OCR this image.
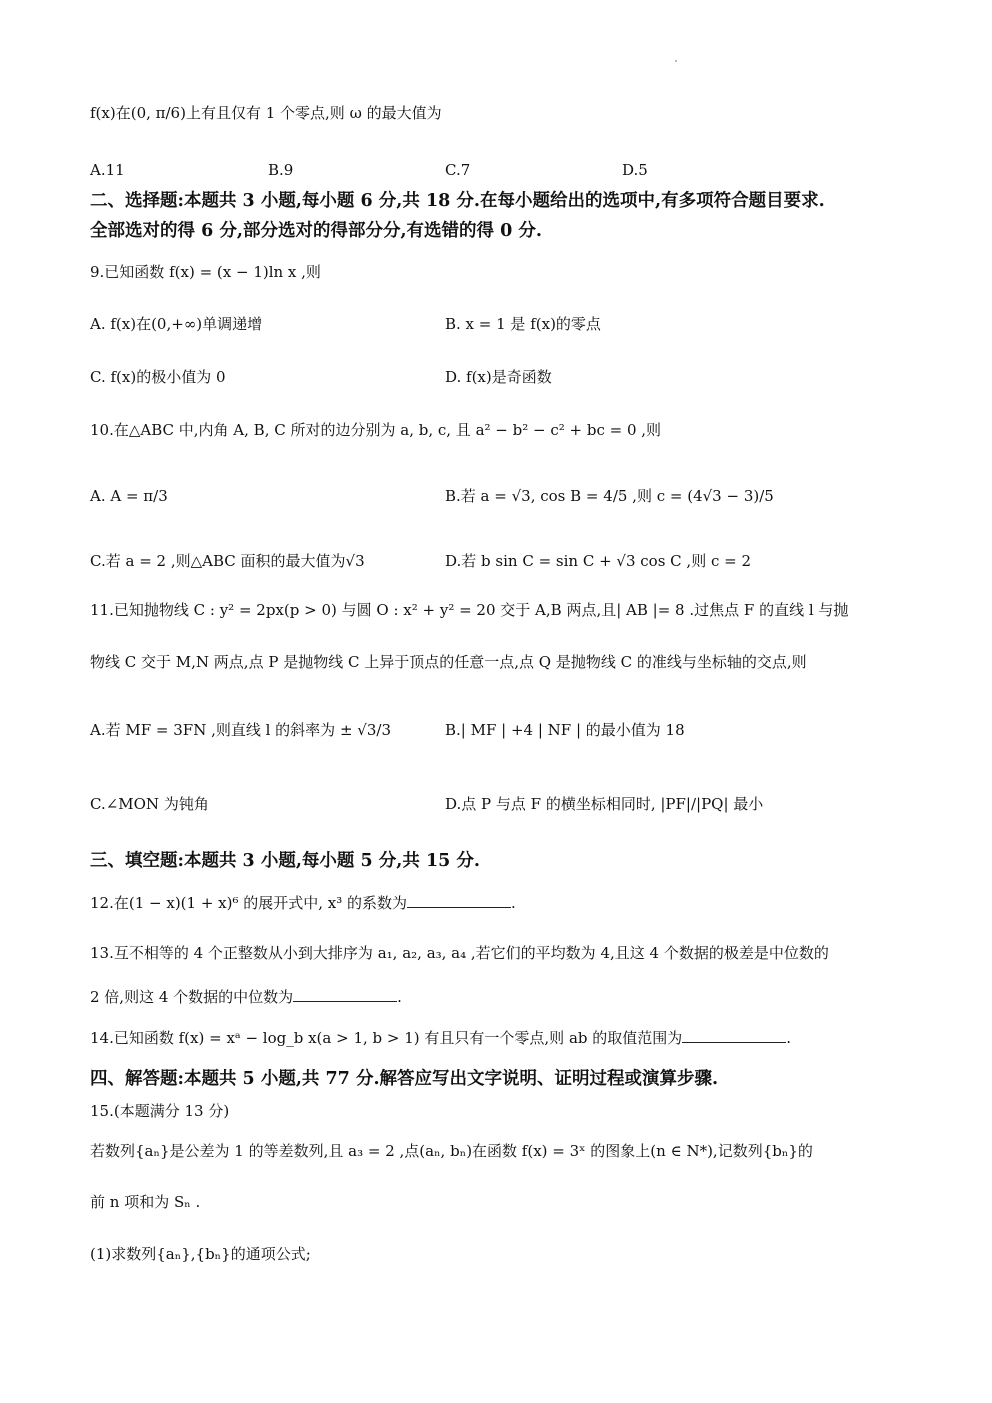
f(x)在(0, π/6)上有且仅有 1 个零点,则 ω 的最大值为
A.11	B.9	C.7	D.5
二、选择题:本题共 3 小题,每小题 6 分,共 18 分.在每小题给出的选项中,有多项符合题目要求.
全部选对的得 6 分,部分选对的得部分分,有选错的得 0 分.
9.已知函数 f(x) = (x − 1)ln x ,则
A. f(x)在(0,+∞)单调递增	B. x = 1 是 f(x)的零点
C. f(x)的极小值为 0	D. f(x)是奇函数
10.在△ABC 中,内角 A, B, C 所对的边分别为 a, b, c, 且 a² − b² − c² + bc = 0 ,则
A. A = π/3	B.若 a = √3, cos B = 4/5 ,则 c = (4√3 − 3)/5
C.若 a = 2 ,则△ABC 面积的最大值为√3	D.若 b sin C = sin C + √3 cos C ,则 c = 2
11.已知抛物线 C : y² = 2px(p > 0) 与圆 O : x² + y² = 20 交于 A,B 两点,且| AB |= 8 .过焦点 F 的直线 l 与抛
物线 C 交于 M,N 两点,点 P 是抛物线 C 上异于顶点的任意一点,点 Q 是抛物线 C 的准线与坐标轴的交点,则
A.若 MF = 3FN ,则直线 l 的斜率为 ± √3/3	B.| MF | +4 | NF | 的最小值为 18
C.∠MON 为钝角	D.点 P 与点 F 的横坐标相同时, |PF|/|PQ| 最小
三、填空题:本题共 3 小题,每小题 5 分,共 15 分.
12.在(1 − x)(1 + x)⁶ 的展开式中, x³ 的系数为	.
13.互不相等的 4 个正整数从小到大排序为 a₁, a₂, a₃, a₄ ,若它们的平均数为 4,且这 4 个数据的极差是中位数的
2 倍,则这 4 个数据的中位数为	.
14.已知函数 f(x) = xᵃ − log_b x(a > 1, b > 1) 有且只有一个零点,则 ab 的取值范围为	.
四、解答题:本题共 5 小题,共 77 分.解答应写出文字说明、证明过程或演算步骤.
15.(本题满分 13 分)
若数列{aₙ}是公差为 1 的等差数列,且 a₃ = 2 ,点(aₙ, bₙ)在函数 f(x) = 3ˣ 的图象上(n ∈ N*),记数列{bₙ}的
前 n 项和为 Sₙ .
(1)求数列{aₙ},{bₙ}的通项公式;
